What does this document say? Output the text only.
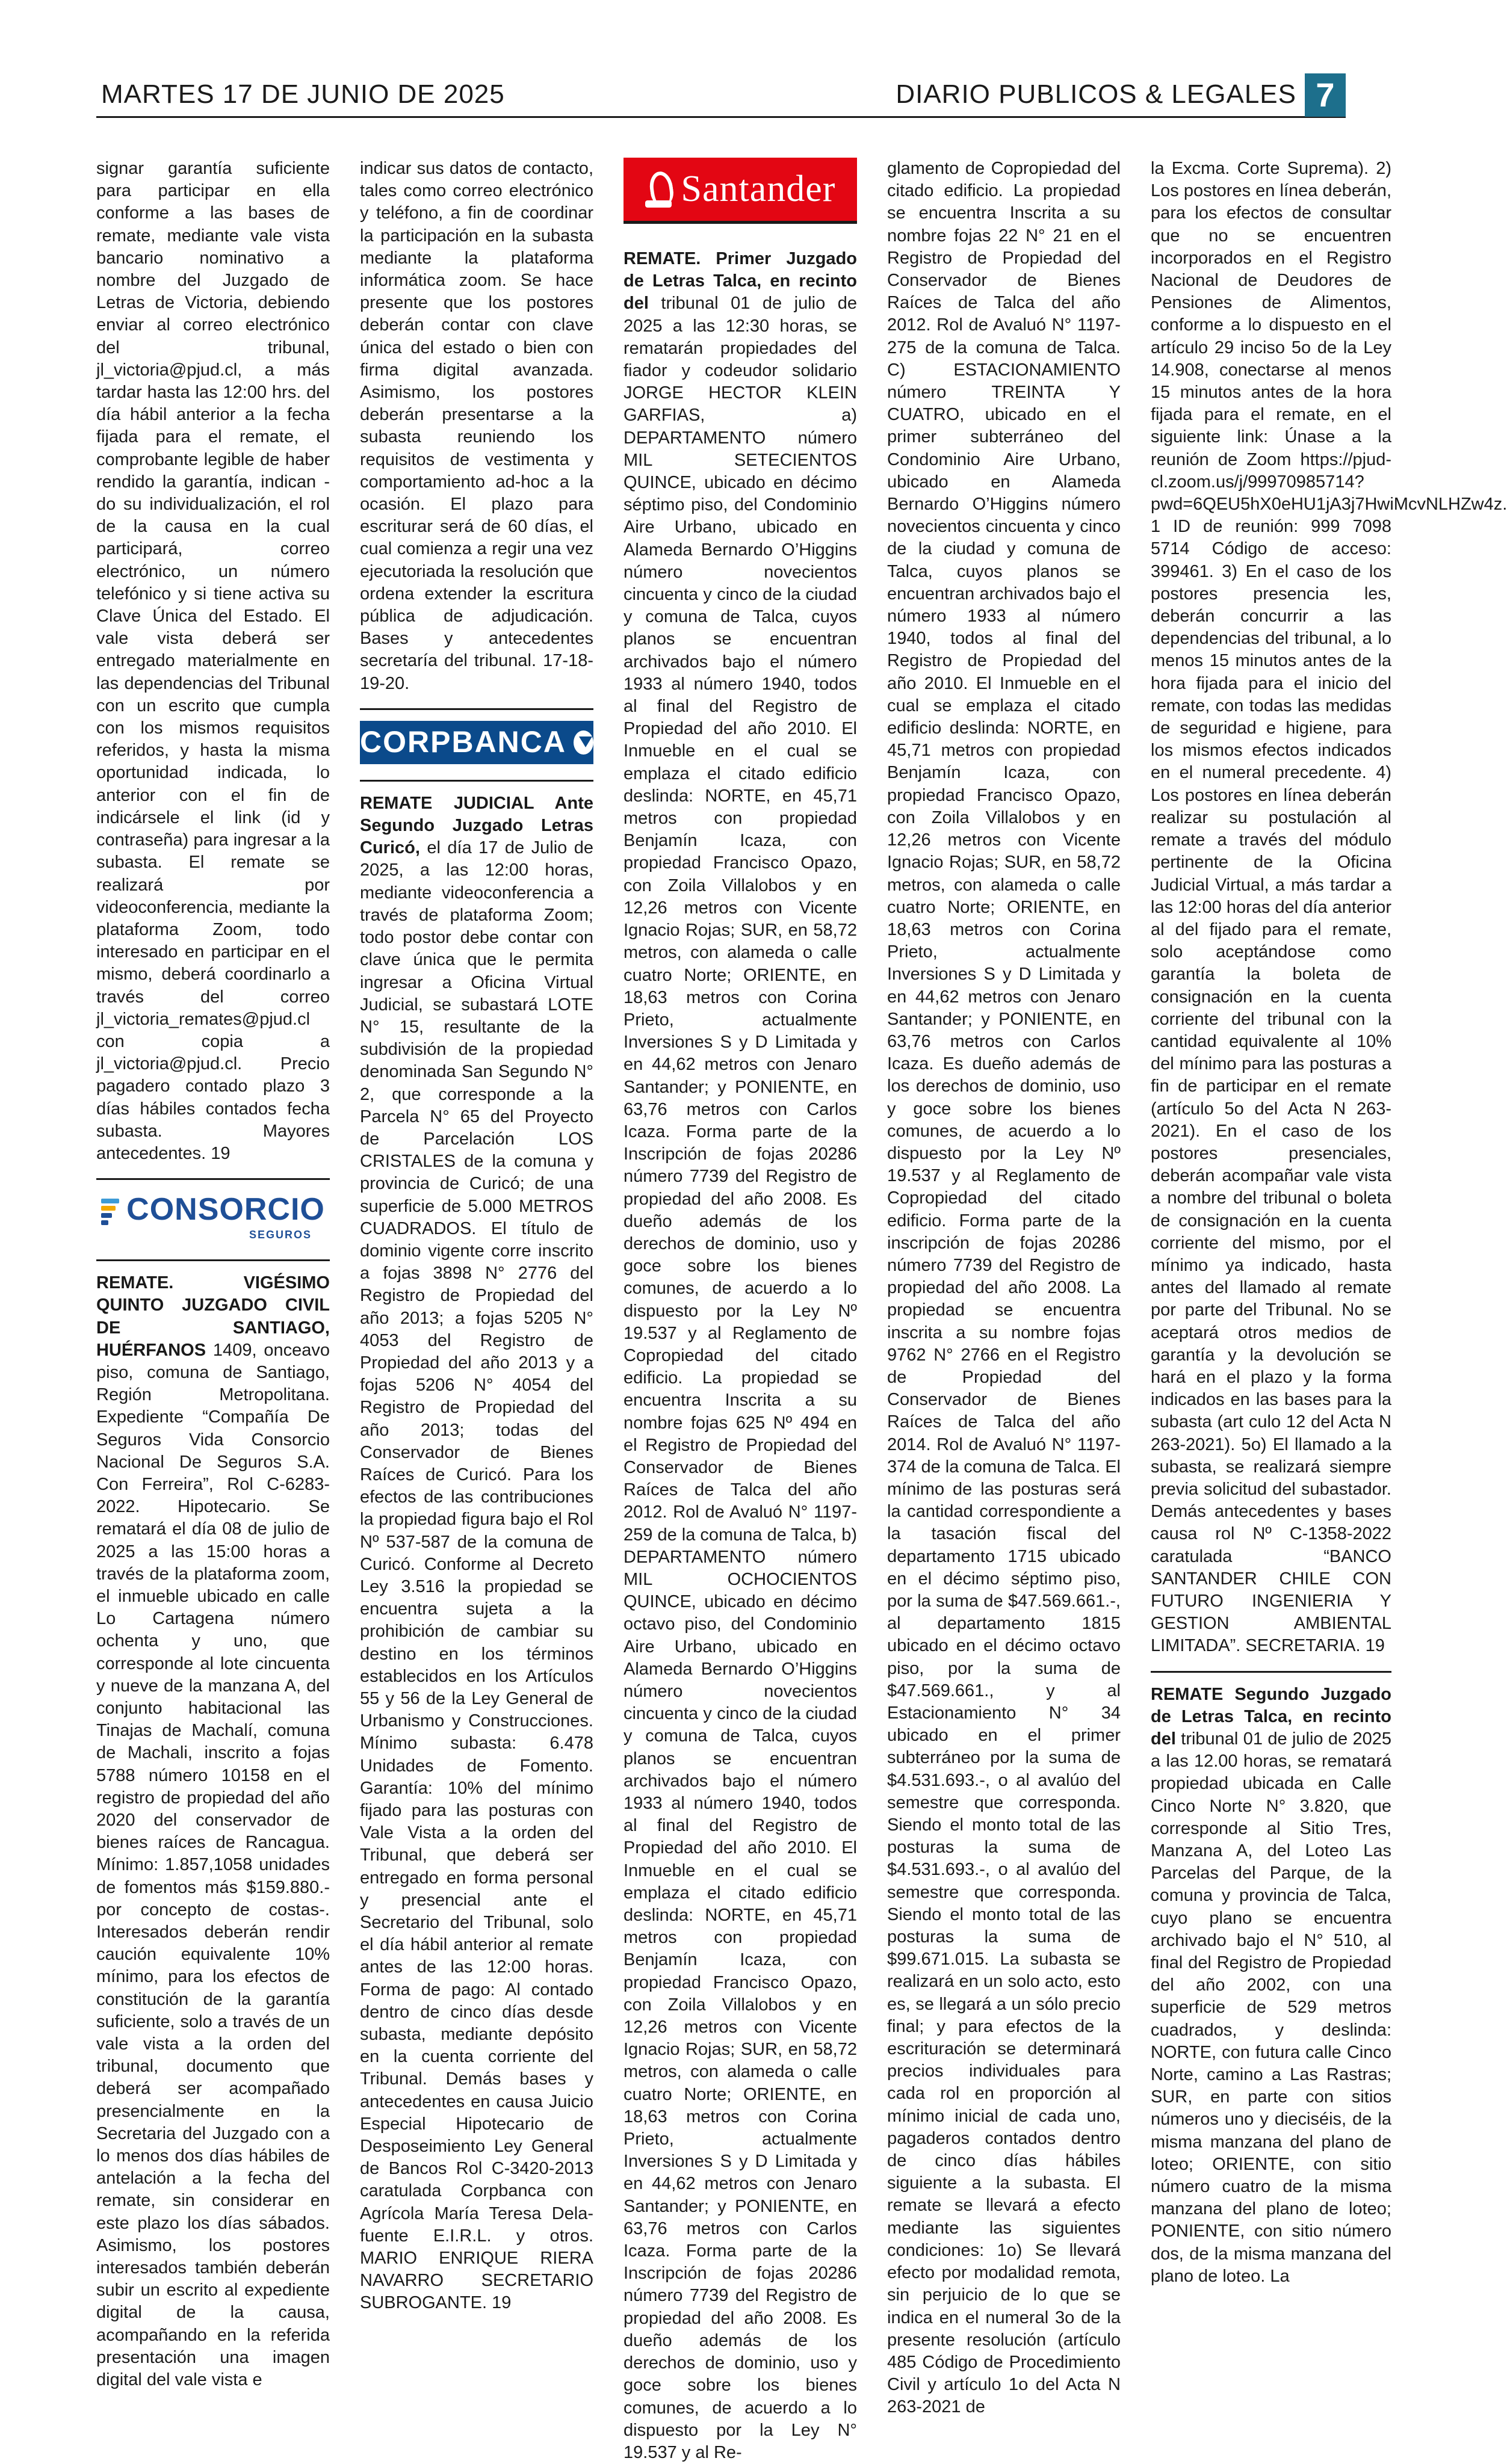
MARTES 17 DE JUNIO DE 2025	DIARIO PUBLICOS & LEGALES 7

signar garantía suficiente para participar en ella conforme a las bases de remate, mediante vale vista bancario nominativo a nombre del Juzgado de Letras de Victoria, debiendo enviar al correo electrónico del tribunal, jl_victoria@pjud.cl, a más tardar hasta las 12:00 hrs. del día hábil anterior a la fecha fijada para el remate, el comprobante legible de haber rendido la garantía, indican - do su individualización, el rol de la causa en la cual participará, correo electrónico, un número telefónico y si tiene activa su Clave Única del Estado. El vale vista deberá ser entregado materialmente en las dependencias del Tribunal con un escrito que cumpla con los mismos requisitos referidos, y hasta la misma oportunidad indicada, lo anterior con el fin de indicársele el link (id y contraseña) para ingresar a la subasta. El remate se realizará por videoconferencia, mediante la plataforma Zoom, todo interesado en participar en el mismo, deberá coordinarlo a través del correo jl_victoria_remates@pjud.cl con copia a jl_victoria@pjud.cl. Precio pagadero contado plazo 3 días hábiles contados fecha subasta. Mayores antecedentes. 19

CONSORCIO
SEGUROS

REMATE. VIGÉSIMO QUINTO JUZGADO CIVIL DE SANTIAGO, HUÉRFANOS 1409, onceavo piso, comuna de Santiago, Región Metropolitana. Expediente “Compañía De Seguros Vida Consorcio Nacional De Seguros S.A. Con Ferreira”, Rol C-6283-2022. Hipotecario. Se rematará el día 08 de julio de 2025 a las 15:00 horas a través de la plataforma zoom, el inmueble ubicado en calle Lo Cartagena número ochenta y uno, que corresponde al lote cincuenta y nueve de la manzana A, del conjunto habitacional las Tinajas de Machalí, comuna de Machali, inscrito a fojas 5788 número 10158 en el registro de propiedad del año 2020 del conservador de bienes raíces de Rancagua. Mínimo: 1.857,1058 unidades de fomentos más $159.880.- por concepto de costas-. Interesados deberán rendir caución equivalente 10% mínimo, para los efectos de constitución de la garantía suficiente, solo a través de un vale vista a la orden del tribunal, documento que deberá ser acompañado presencialmente en la Secretaria del Juzgado con a lo menos dos días hábiles de antelación a la fecha del remate, sin considerar en este plazo los días sábados. Asimismo, los postores interesados también deberán subir un escrito al expediente digital de la causa, acompañando en la referida presentación una imagen digital del vale vista e

indicar sus datos de contacto, tales como correo electrónico y teléfono, a fin de coordinar la participación en la subasta mediante la plataforma informática zoom. Se hace presente que los postores deberán contar con clave única del estado o bien con firma digital avanzada. Asimismo, los postores deberán presentarse a la subasta reuniendo los requisitos de vestimenta y comportamiento ad-hoc a la ocasión. El plazo para escriturar será de 60 días, el cual comienza a regir una vez ejecutoriada la resolución que ordena extender la escritura pública de adjudicación. Bases y antecedentes secretaría del tribunal. 17-18-19-20.

CORPBANCA

REMATE JUDICIAL Ante Segundo Juzgado Letras Curicó, el día 17 de Julio de 2025, a las 12:00 horas, mediante videoconferencia a través de plataforma Zoom; todo postor debe contar con clave única que le permita ingresar a Oficina Virtual Judicial, se subastará LOTE N° 15, resultante de la subdivisión de la propiedad denominada San Segundo N° 2, que corresponde a la Parcela N° 65 del Proyecto de Parcelación LOS CRISTALES de la comuna y provincia de Curicó; de una superficie de 5.000 METROS CUADRADOS. El título de dominio vigente corre inscrito a fojas 3898 N° 2776 del Registro de Propiedad del año 2013; a fojas 5205 N° 4053 del Registro de Propiedad del año 2013 y a fojas 5206 N° 4054 del Registro de Propiedad del año 2013; todas del Conservador de Bienes Raíces de Curicó. Para los efectos de las contribuciones la propiedad figura bajo el Rol Nº 537-587 de la comuna de Curicó. Conforme al Decreto Ley 3.516 la propiedad se encuentra sujeta a la prohibición de cambiar su destino en los términos establecidos en los Artículos 55 y 56 de la Ley General de Urbanismo y Construcciones. Mínimo subasta: 6.478 Unidades de Fomento. Garantía: 10% del mínimo fijado para las posturas con Vale Vista a la orden del Tribunal, que deberá ser entregado en forma personal y presencial ante el Secretario del Tribunal, solo el día hábil anterior al remate antes de las 12:00 horas. Forma de pago: Al contado dentro de cinco días desde subasta, mediante depósito en la cuenta corriente del Tribunal. Demás bases y antecedentes en causa Juicio Especial Hipotecario de Desposeimiento Ley General de Bancos Rol C-3420-2013 caratulada Corpbanca con Agrícola María Teresa Dela-fuente E.I.R.L. y otros. MARIO ENRIQUE RIERA NAVARRO SECRETARIO SUBROGANTE. 19

Santander

REMATE. Primer Juzgado de Letras Talca, en recinto del tribunal 01 de julio de 2025 a las 12:30 horas, se rematarán propiedades del fiador y codeudor solidario JORGE HECTOR KLEIN GARFIAS, a) DEPARTAMENTO número MIL SETECIENTOS QUINCE, ubicado en décimo séptimo piso, del Condominio Aire Urbano, ubicado en Alameda Bernardo O’Higgins número novecientos cincuenta y cinco de la ciudad y comuna de Talca, cuyos planos se encuentran archivados bajo el número 1933 al número 1940, todos al final del Registro de Propiedad del año 2010. El Inmueble en el cual se emplaza el citado edificio deslinda: NORTE, en 45,71 metros con propiedad Benjamín Icaza, con propiedad Francisco Opazo, con Zoila Villalobos y en 12,26 metros con Vicente Ignacio Rojas; SUR, en 58,72 metros, con alameda o calle cuatro Norte; ORIENTE, en 18,63 metros con Corina Prieto, actualmente Inversiones S y D Limitada y en 44,62 metros con Jenaro Santander; y PONIENTE, en 63,76 metros con Carlos Icaza. Forma parte de la Inscripción de fojas 20286 número 7739 del Registro de propiedad del año 2008. Es dueño además de los derechos de dominio, uso y goce sobre los bienes comunes, de acuerdo a lo dispuesto por la Ley Nº 19.537 y al Reglamento de Copropiedad del citado edificio. La propiedad se encuentra Inscrita a su nombre fojas 625 Nº 494 en el Registro de Propiedad del Conservador de Bienes Raíces de Talca del año 2012. Rol de Avaluó N° 1197-259 de la comuna de Talca, b) DEPARTAMENTO número MIL OCHOCIENTOS QUINCE, ubicado en décimo octavo piso, del Condominio Aire Urbano, ubicado en Alameda Bernardo O’Higgins número novecientos cincuenta y cinco de la ciudad y comuna de Talca, cuyos planos se encuentran archivados bajo el número 1933 al número 1940, todos al final del Registro de Propiedad del año 2010. El Inmueble en el cual se emplaza el citado edificio deslinda: NORTE, en 45,71 metros con propiedad Benjamín Icaza, con propiedad Francisco Opazo, con Zoila Villalobos y en 12,26 metros con Vicente Ignacio Rojas; SUR, en 58,72 metros, con alameda o calle cuatro Norte; ORIENTE, en 18,63 metros con Corina Prieto, actualmente Inversiones S y D Limitada y en 44,62 metros con Jenaro Santander; y PONIENTE, en 63,76 metros con Carlos Icaza. Forma parte de la Inscripción de fojas 20286 número 7739 del Registro de propiedad del año 2008. Es dueño además de los derechos de dominio, uso y goce sobre los bienes comunes, de acuerdo a lo dispuesto por la Ley N° 19.537 y al Re-

glamento de Copropiedad del citado edificio. La propiedad se encuentra Inscrita a su nombre fojas 22 N° 21 en el Registro de Propiedad del Conservador de Bienes Raíces de Talca del año 2012. Rol de Avaluó N° 1197-275 de la comuna de Talca. C) ESTACIONAMIENTO número TREINTA Y CUATRO, ubicado en el primer subterráneo del Condominio Aire Urbano, ubicado en Alameda Bernardo O’Higgins número novecientos cincuenta y cinco de la ciudad y comuna de Talca, cuyos planos se encuentran archivados bajo el número 1933 al número 1940, todos al final del Registro de Propiedad del año 2010. El Inmueble en el cual se emplaza el citado edificio deslinda: NORTE, en 45,71 metros con propiedad Benjamín Icaza, con propiedad Francisco Opazo, con Zoila Villalobos y en 12,26 metros con Vicente Ignacio Rojas; SUR, en 58,72 metros, con alameda o calle cuatro Norte; ORIENTE, en 18,63 metros con Corina Prieto, actualmente Inversiones S y D Limitada y en 44,62 metros con Jenaro Santander; y PONIENTE, en 63,76 metros con Carlos Icaza. Es dueño además de los derechos de dominio, uso y goce sobre los bienes comunes, de acuerdo a lo dispuesto por la Ley Nº 19.537 y al Reglamento de Copropiedad del citado edificio. Forma parte de la inscripción de fojas 20286 número 7739 del Registro de propiedad del año 2008. La propiedad se encuentra inscrita a su nombre fojas 9762 N° 2766 en el Registro de Propiedad del Conservador de Bienes Raíces de Talca del año 2014. Rol de Avaluó N° 1197-374 de la comuna de Talca. El mínimo de las posturas será la cantidad correspondiente a la tasación fiscal del departamento 1715 ubicado en el décimo séptimo piso, por la suma de $47.569.661.-, al departamento 1815 ubicado en el décimo octavo piso, por la suma de $47.569.661., y al Estacionamiento N° 34 ubicado en el primer subterráneo por la suma de $4.531.693.-, o al avalúo del semestre que corresponda. Siendo el monto total de las posturas la suma de $4.531.693.-, o al avalúo del semestre que corresponda. Siendo el monto total de las posturas la suma de $99.671.015. La subasta se realizará en un solo acto, esto es, se llegará a un sólo precio final; y para efectos de la escrituración se determinará precios individuales para cada rol en proporción al mínimo inicial de cada uno, pagaderos contados dentro de cinco días hábiles siguiente a la subasta. El remate se llevará a efecto mediante las siguientes condiciones: 1o) Se llevará efecto por modalidad remota, sin perjuicio de lo que se indica en el numeral 3o de la presente resolución (artículo 485 Código de Procedimiento Civil y artículo 1o del Acta N 263-2021 de

la Excma. Corte Suprema). 2) Los postores en línea deberán, para los efectos de consultar que no se encuentren incorporados en el Registro Nacional de Deudores de Pensiones de Alimentos, conforme a lo dispuesto en el artículo 29 inciso 5o de la Ley 14.908, conectarse al menos 15 minutos antes de la hora fijada para el remate, en el siguiente link: Únase a la reunión de Zoom https://pjud-cl.zoom.us/j/99970985714?pwd=6QEU5hX0eHU1jA3j7HwiMcvNLHZw4z. 1 ID de reunión: 999 7098 5714 Código de acceso: 399461. 3) En el caso de los postores presencia les, deberán concurrir a las dependencias del tribunal, a lo menos 15 minutos antes de la hora fijada para el inicio del remate, con todas las medidas de seguridad e higiene, para los mismos efectos indicados en el numeral precedente. 4) Los postores en línea deberán realizar su postulación al remate a través del módulo pertinente de la Oficina Judicial Virtual, a más tardar a las 12:00 horas del día anterior al del fijado para el remate, solo aceptándose como garantía la boleta de consignación en la cuenta corriente del tribunal con la cantidad equivalente al 10% del mínimo para las posturas a fin de participar en el remate (artículo 5o del Acta N 263-2021). En el caso de los postores presenciales, deberán acompañar vale vista a nombre del tribunal o boleta de consignación en la cuenta corriente del mismo, por el mínimo ya indicado, hasta antes del llamado al remate por parte del Tribunal. No se aceptará otros medios de garantía y la devolución se hará en el plazo y la forma indicados en las bases para la subasta (art culo 12 del Acta N 263-2021). 5o) El llamado a la subasta, se realizará siempre previa solicitud del subastador. Demás antecedentes y bases causa rol Nº C-1358-2022 caratulada “BANCO SANTANDER CHILE CON FUTURO INGENIERIA Y GESTION AMBIENTAL LIMITADA”. SECRETARIA. 19

REMATE Segundo Juzgado de Letras Talca, en recinto del tribunal 01 de julio de 2025 a las 12.00 horas, se rematará propiedad ubicada en Calle Cinco Norte N° 3.820, que corresponde al Sitio Tres, Manzana A, del Loteo Las Parcelas del Parque, de la comuna y provincia de Talca, cuyo plano se encuentra archivado bajo el N° 510, al final del Registro de Propiedad del año 2002, con una superficie de 529 metros cuadrados, y deslinda: NORTE, con futura calle Cinco Norte, camino a Las Rastras; SUR, en parte con sitios números uno y dieciséis, de la misma manzana del plano de loteo; ORIENTE, con sitio número cuatro de la misma manzana del plano de loteo; PONIENTE, con sitio número dos, de la misma manzana del plano de loteo. La
